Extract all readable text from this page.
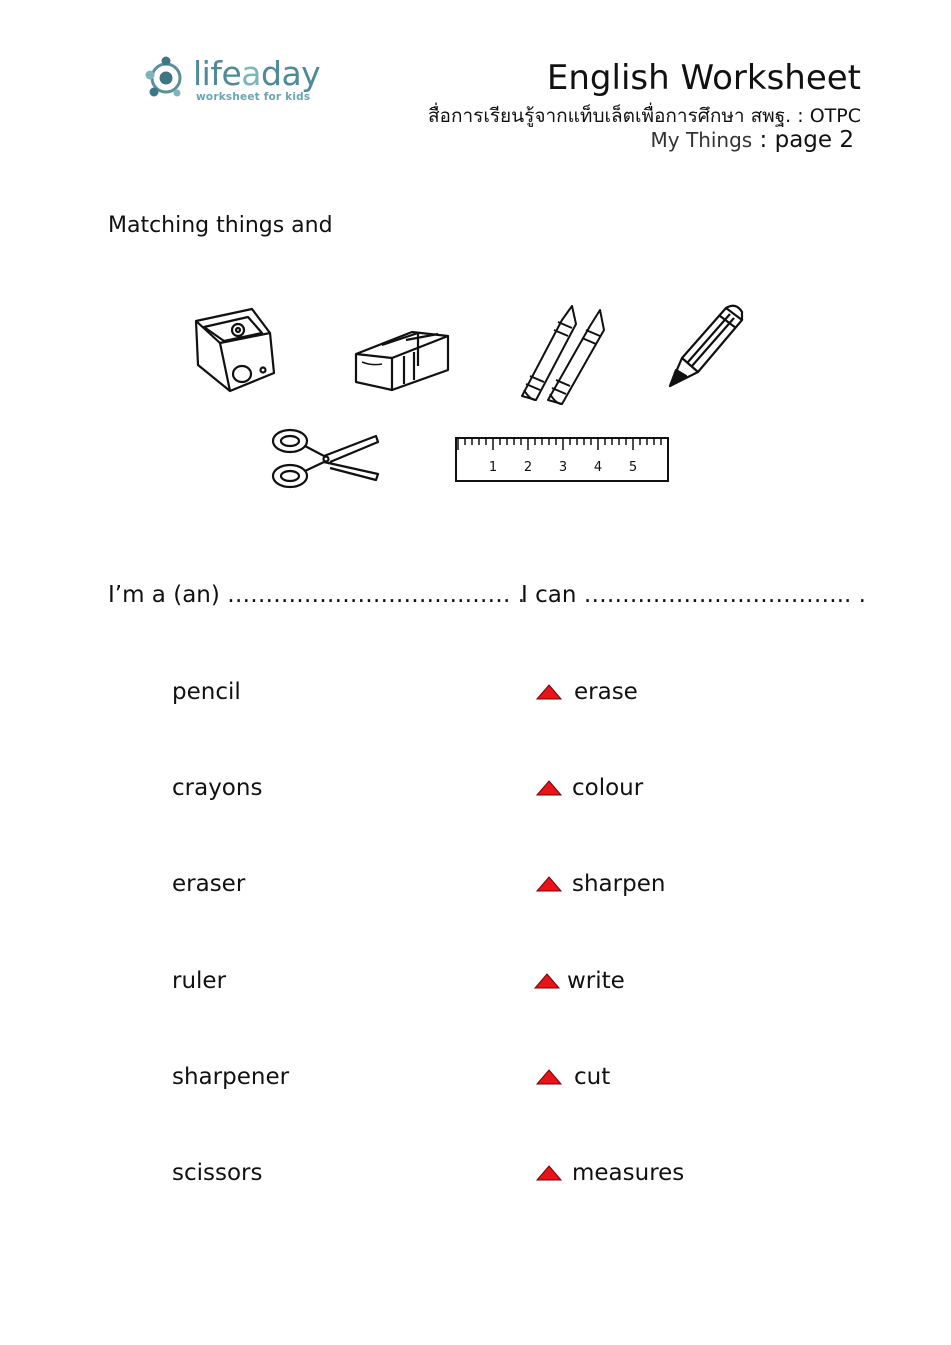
lifeaday
worksheet for kids	English Worksheet
สื่อการเรียนรู้จากแท็บเล็ตเพื่อการศึกษา สพฐ. : OTPC
My Things : page 2
Matching things and
1 2 3 4 5
I’m a (an) ………………………….…… .
I can …………………………….. .
pencil
crayons
eraser
ruler
sharpener
scissors
erase
colour
sharpen
write
cut
measures
